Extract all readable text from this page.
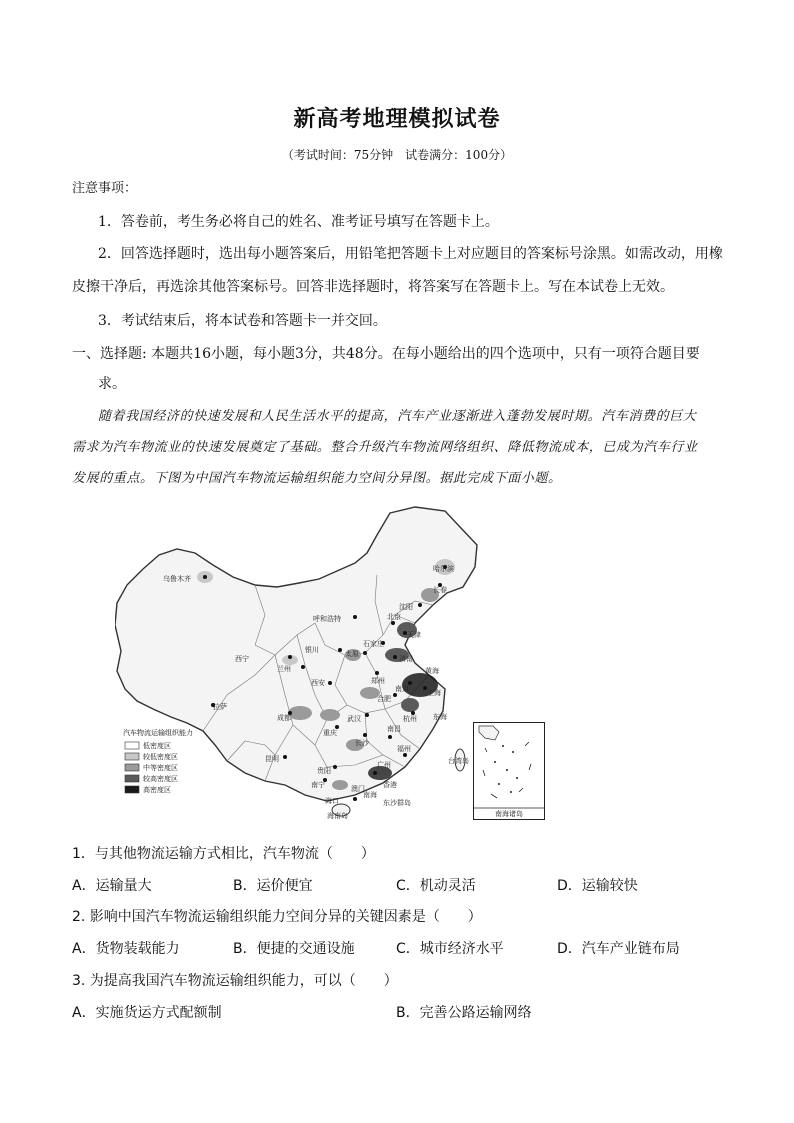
新高考地理模拟试卷
（考试时间：75分钟　试卷满分：100分）
注意事项：
1．答卷前，考生务必将自己的姓名、准考证号填写在答题卡上。
2．回答选择题时，选出每小题答案后，用铅笔把答题卡上对应题目的答案标号涂黑。如需改动，用橡
皮擦干净后，再选涂其他答案标号。回答非选择题时，将答案写在答题卡上。写在本试卷上无效。
3．考试结束后，将本试卷和答题卡一并交回。
一、选择题: 本题共16小题，每小题3分，共48分。在每小题给出的四个选项中，只有一项符合题目要
求。
随着我国经济的快速发展和人民生活水平的提高，汽车产业逐渐进入蓬勃发展时期。汽车消费的巨大
需求为汽车物流业的快速发展奠定了基础。整合升级汽车物流网络组织、降低物流成本，已成为汽车行业
发展的重点。下图为中国汽车物流运输组织能力空间分异图。据此完成下面小题。
乌鲁木齐
哈尔滨
长春
沈阳
呼和浩特	北京
天津
石家庄
太原
银川
济南
黄海
西宁
兰州
郑州
西安
南京	上海
合肥
拉萨
成都	武汉	杭州 东海
重庆
长沙
南昌
福州
贵阳
昆明
南宁
广州	台湾岛
澳门	香港
海口
南海
东沙群岛
海南岛
汽车物流运输组织能力
低密度区
较低密度区
中等密度区
较高密度区
高密度区
南海诸岛
1．与其他物流运输方式相比，汽车物流（　　）
A．运输量大	B．运价便宜	C．机动灵活	D．运输较快
2. 影响中国汽车物流运输组织能力空间分异的关键因素是（　　）
A．货物装载能力	B．便捷的交通设施	C．城市经济水平	D．汽车产业链布局
3. 为提高我国汽车物流运输组织能力，可以（　　）
A．实施货运方式配额制	B．完善公路运输网络
